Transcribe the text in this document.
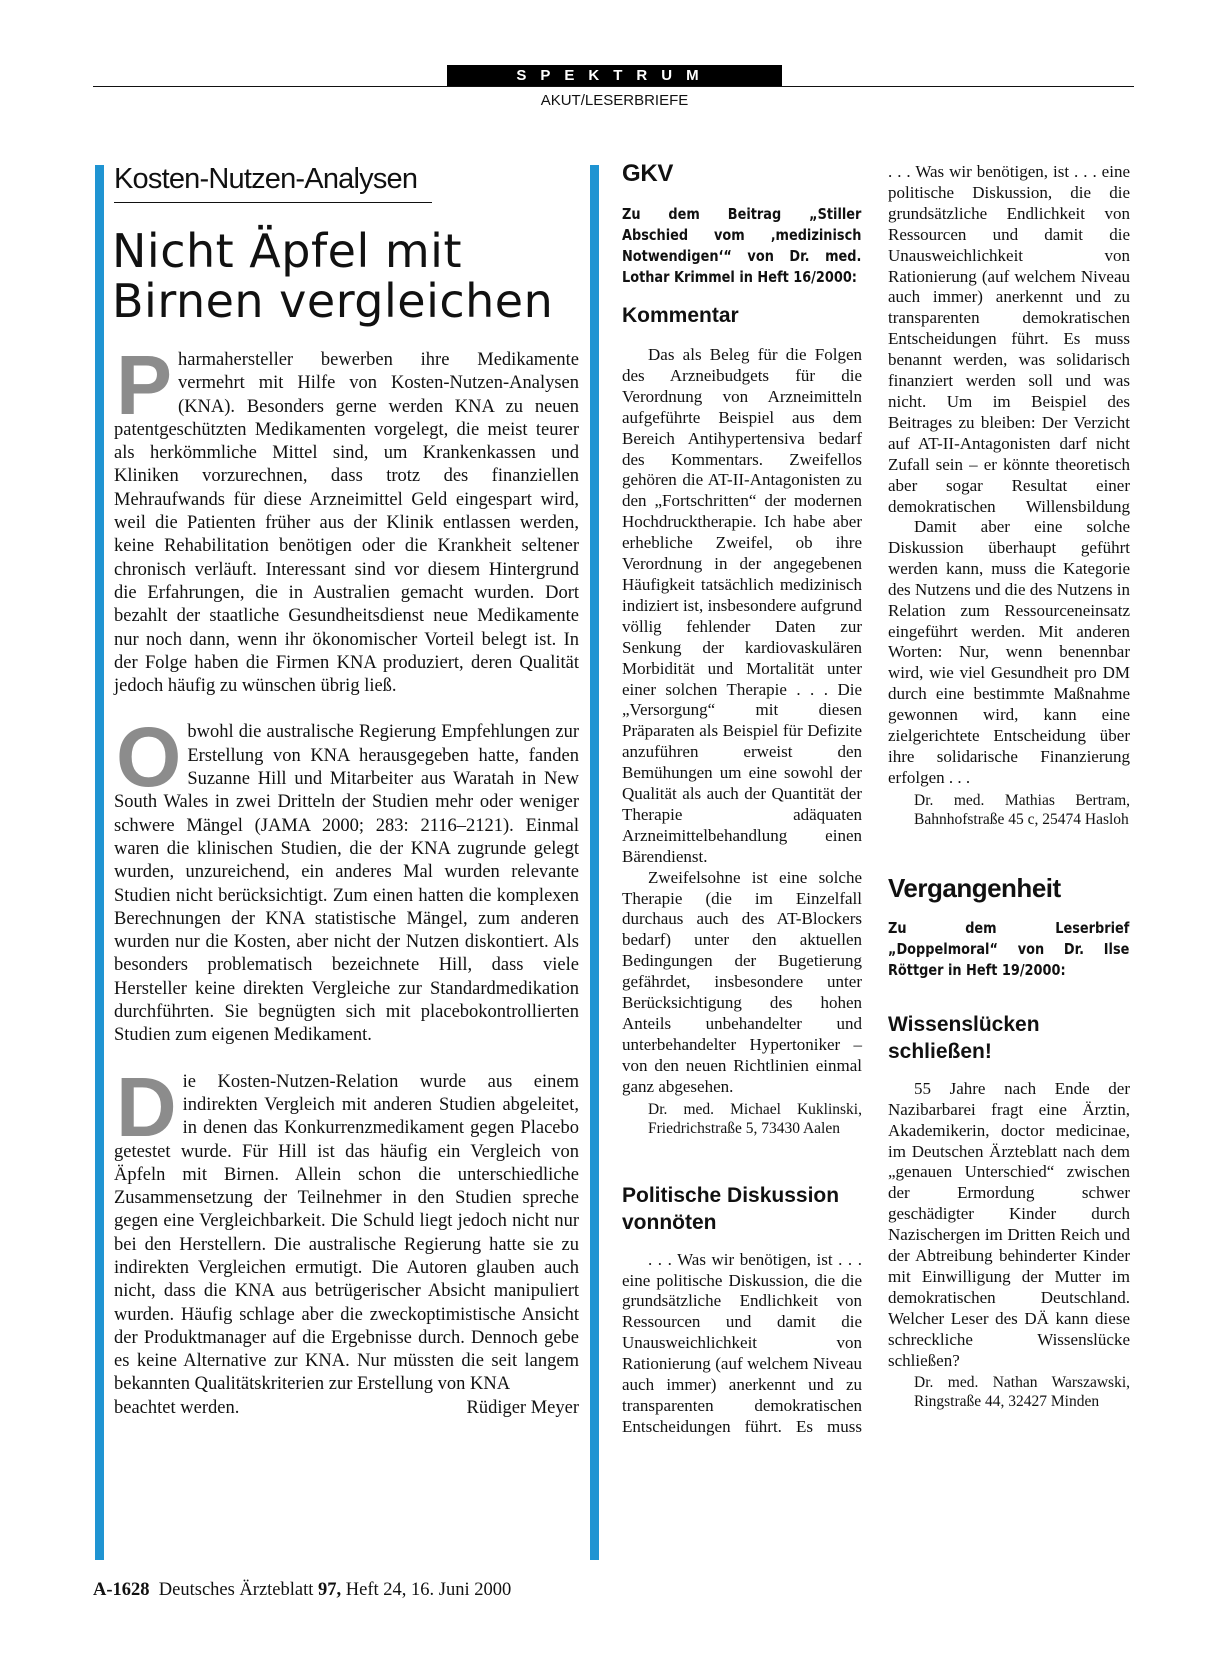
SPEKTRUM
AKUT/LESERBRIEFE
Kosten-Nutzen-Analysen
Nicht Äpfel mit
Birnen vergleichen

Pharmahersteller bewerben ihre Medikamente vermehrt mit Hilfe von Kosten-Nutzen-Analysen (KNA). Besonders gerne werden KNA zu neuen patentgeschützten Medikamenten vorgelegt, die meist teurer als herkömmliche Mittel sind, um Krankenkassen und Kliniken vorzurechnen, dass trotz des finanziellen Mehraufwands für diese Arzneimittel Geld eingespart wird, weil die Patienten früher aus der Klinik entlassen werden, keine Rehabilitation benötigen oder die Krankheit seltener chronisch verläuft. Interessant sind vor diesem Hintergrund die Erfahrungen, die in Australien gemacht wurden. Dort bezahlt der staatliche Gesundheitsdienst neue Medikamente nur noch dann, wenn ihr ökonomischer Vorteil belegt ist. In der Folge haben die Firmen KNA produziert, deren Qualität jedoch häufig zu wünschen übrig ließ.

Obwohl die australische Regierung Empfehlungen zur Erstellung von KNA herausgegeben hatte, fanden Suzanne Hill und Mitarbeiter aus Waratah in New South Wales in zwei Dritteln der Studien mehr oder weniger schwere Mängel (JAMA 2000; 283: 2116–2121). Einmal waren die klinischen Studien, die der KNA zugrunde gelegt wurden, unzureichend, ein anderes Mal wurden relevante Studien nicht berücksichtigt. Zum einen hatten die komplexen Berechnungen der KNA statistische Mängel, zum anderen wurden nur die Kosten, aber nicht der Nutzen diskontiert. Als besonders problematisch bezeichnete Hill, dass viele Hersteller keine direkten Vergleiche zur Standardmedikation durchführten. Sie begnügten sich mit placebokontrollierten Studien zum eigenen Medikament.

Die Kosten-Nutzen-Relation wurde aus einem indirekten Vergleich mit anderen Studien abgeleitet, in denen das Konkurrenzmedikament gegen Placebo getestet wurde. Für Hill ist das häufig ein Vergleich von Äpfeln mit Birnen. Allein schon die unterschiedliche Zusammensetzung der Teilnehmer in den Studien spreche gegen eine Vergleichbarkeit. Die Schuld liegt jedoch nicht nur bei den Herstellern. Die australische Regierung hatte sie zu indirekten Vergleichen ermutigt. Die Autoren glauben auch nicht, dass die KNA aus betrügerischer Absicht manipuliert wurden. Häufig schlage aber die zweckoptimistische Ansicht der Produktmanager auf die Ergebnisse durch. Dennoch gebe es keine Alternative zur KNA. Nur müssten die seit langem bekannten Qualitätskriterien zur Erstellung von KNA

beachtet werden.	Rüdiger Meyer
GKV

Zu dem Beitrag „Stiller Abschied vom ‚medizinisch Notwendigen‘“ von Dr. med. Lothar Krimmel in Heft 16/2000:

Kommentar

Das als Beleg für die Folgen des Arzneibudgets für die Verordnung von Arzneimitteln aufgeführte Beispiel aus dem Bereich Antihypertensiva bedarf des Kommentars. Zweifellos gehören die AT-II-Antagonisten zu den „Fortschritten“ der modernen Hochdrucktherapie. Ich habe aber erhebliche Zweifel, ob ihre Verordnung in der angegebenen Häufigkeit tatsächlich medizinisch indiziert ist, insbesondere aufgrund völlig fehlender Daten zur Senkung der kardiovaskulären Morbidität und Mortalität unter einer solchen Therapie . . . Die „Versorgung“ mit diesen Präparaten als Beispiel für Defizite anzuführen erweist den Bemühungen um eine sowohl der Qualität als auch der Quantität der Therapie adäquaten Arzneimittelbehandlung einen Bärendienst.

Zweifelsohne ist eine solche Therapie (die im Einzelfall durchaus auch des AT-Blockers bedarf) unter den aktuellen Bedingungen der Bugetierung gefährdet, insbesondere unter Berücksichtigung des hohen Anteils unbehandelter und unterbehandelter Hypertoniker – von den neuen Richtlinien einmal ganz abgesehen.

Dr. med. Michael Kuklinski, Friedrichstraße 5, 73430 Aalen

Politische Diskussion
vonnöten

. . . Was wir benötigen, ist . . . eine politische Diskussion, die die grundsätzliche Endlichkeit von Ressourcen und damit die Unausweichlichkeit von Rationierung (auf welchem Niveau auch immer) anerkennt und zu transparenten demokratischen Entscheidungen führt. Es muss

. . . Was wir benötigen, ist . . . eine politische Diskussion, die die grundsätzliche Endlichkeit von Ressourcen und damit die Unausweichlichkeit von Rationierung (auf welchem Niveau auch immer) anerkennt und zu transparenten demokratischen Entscheidungen führt. Es muss benannt werden, was solidarisch finanziert werden soll und was nicht. Um im Beispiel des Beitrages zu bleiben: Der Verzicht auf AT-II-Antagonisten darf nicht Zufall sein – er könnte theoretisch aber sogar Resultat einer demokratischen Willensbildung

Damit aber eine solche Diskussion überhaupt geführt werden kann, muss die Kategorie des Nutzens und die des Nutzens in Relation zum Ressourceneinsatz eingeführt werden. Mit anderen Worten: Nur, wenn benennbar wird, wie viel Gesundheit pro DM durch eine bestimmte Maßnahme gewonnen wird, kann eine zielgerichtete Entscheidung über ihre solidarische Finanzierung erfolgen . . .

Dr. med. Mathias Bertram, Bahnhofstraße 45 c, 25474 Hasloh

Vergangenheit

Zu dem Leserbrief „Doppelmoral“ von Dr. Ilse Röttger in Heft 19/2000:

Wissenslücken
schließen!

55 Jahre nach Ende der Nazibarbarei fragt eine Ärztin, Akademikerin, doctor medicinae, im Deutschen Ärzteblatt nach dem „genauen Unterschied“ zwischen der Ermordung schwer geschädigter Kinder durch Nazischergen im Dritten Reich und der Abtreibung behinderter Kinder mit Einwilligung der Mutter im demokratischen Deutschland. Welcher Leser des DÄ kann diese schreckliche Wissenslücke schließen?

Dr. med. Nathan Warszawski, Ringstraße 44, 32427 Minden

A-1628 Deutsches Ärzteblatt 97, Heft 24, 16. Juni 2000
